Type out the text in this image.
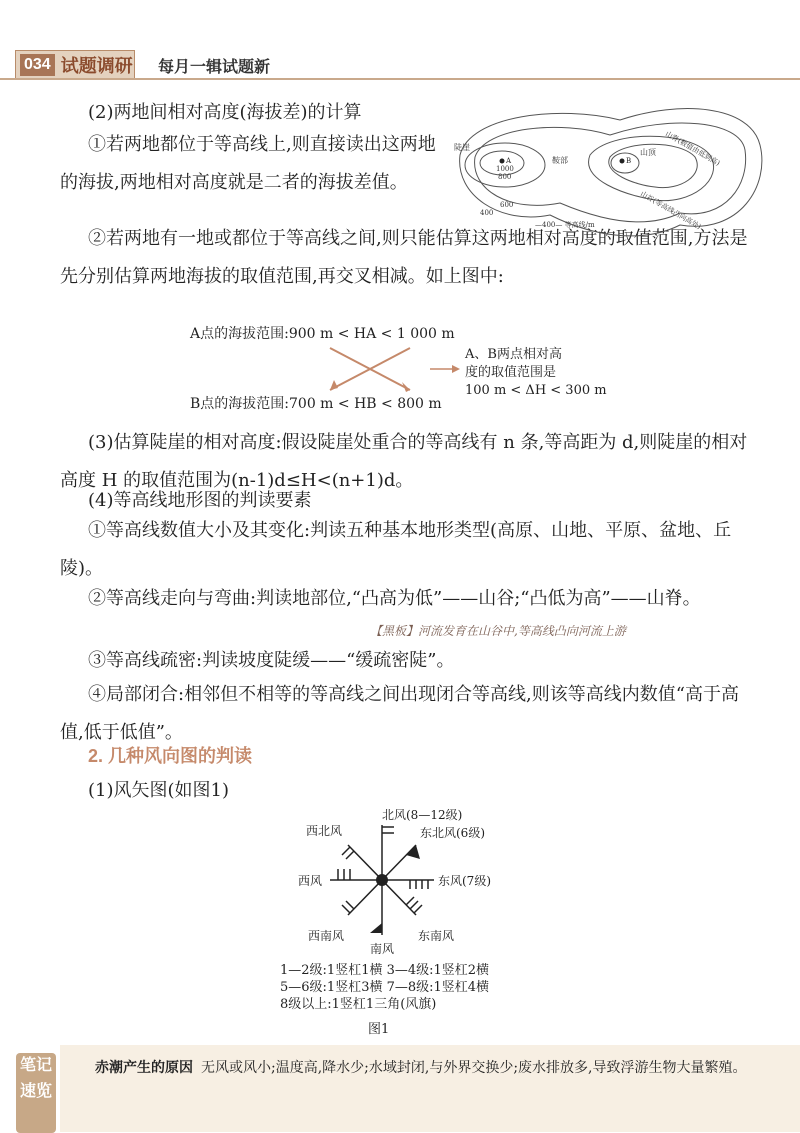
034 试题调研 每月一辑试题新

(2)两地间相对高度(海拔差)的计算

①若两地都位于等高线上,则直接读出这两地的海拔,两地相对高度就是二者的海拔差值。

②若两地有一地或都位于等高线之间,则只能估算这两地相对高度的取值范围,方法是先分别估算两地海拔的取值范围,再交叉相减。如上图中:

陡崖
鞍部
山顶 山脊(数值由低到高)
山谷(等高线凸向高处)
A	B
400
600
800
1000
—400— 等高线/m
A点的海拔范围:900 m < HA < 1 000 m
B点的海拔范围:700 m < HB < 800 m
A、B两点相对高
度的取值范围是
100 m < ΔH < 300 m

(3)估算陡崖的相对高度:假设陡崖处重合的等高线有 n 条,等高距为 d,则陡崖的相对高度 H 的取值范围为(n-1)d≤H<(n+1)d。

(4)等高线地形图的判读要素

①等高线数值大小及其变化:判读五种基本地形类型(高原、山地、平原、盆地、丘陵)。

②等高线走向与弯曲:判读地部位,“凸高为低”——山谷;“凸低为高”——山脊。

【黑板】河流发育在山谷中,等高线凸向河流上游

③等高线疏密:判读坡度陡缓——“缓疏密陡”。

④局部闭合:相邻但不相等的等高线之间出现闭合等高线,则该等高线内数值“高于高值,低于低值”。

2. 几种风向图的判读

(1)风矢图(如图1)

北风(8—12级)
东北风(6级)
东风(7级)
西北风
西风
西南风
南风
东南风

1—2级:1竖杠1横 3—4级:1竖杠2横

5—6级:1竖杠3横 7—8级:1竖杠4横

8级以上:1竖杠1三角(风旗)

图1

笔记速览

赤潮产生的原因 无风或风小;温度高,降水少;水域封闭,与外界交换少;废水排放多,导致浮游生物大量繁殖。
